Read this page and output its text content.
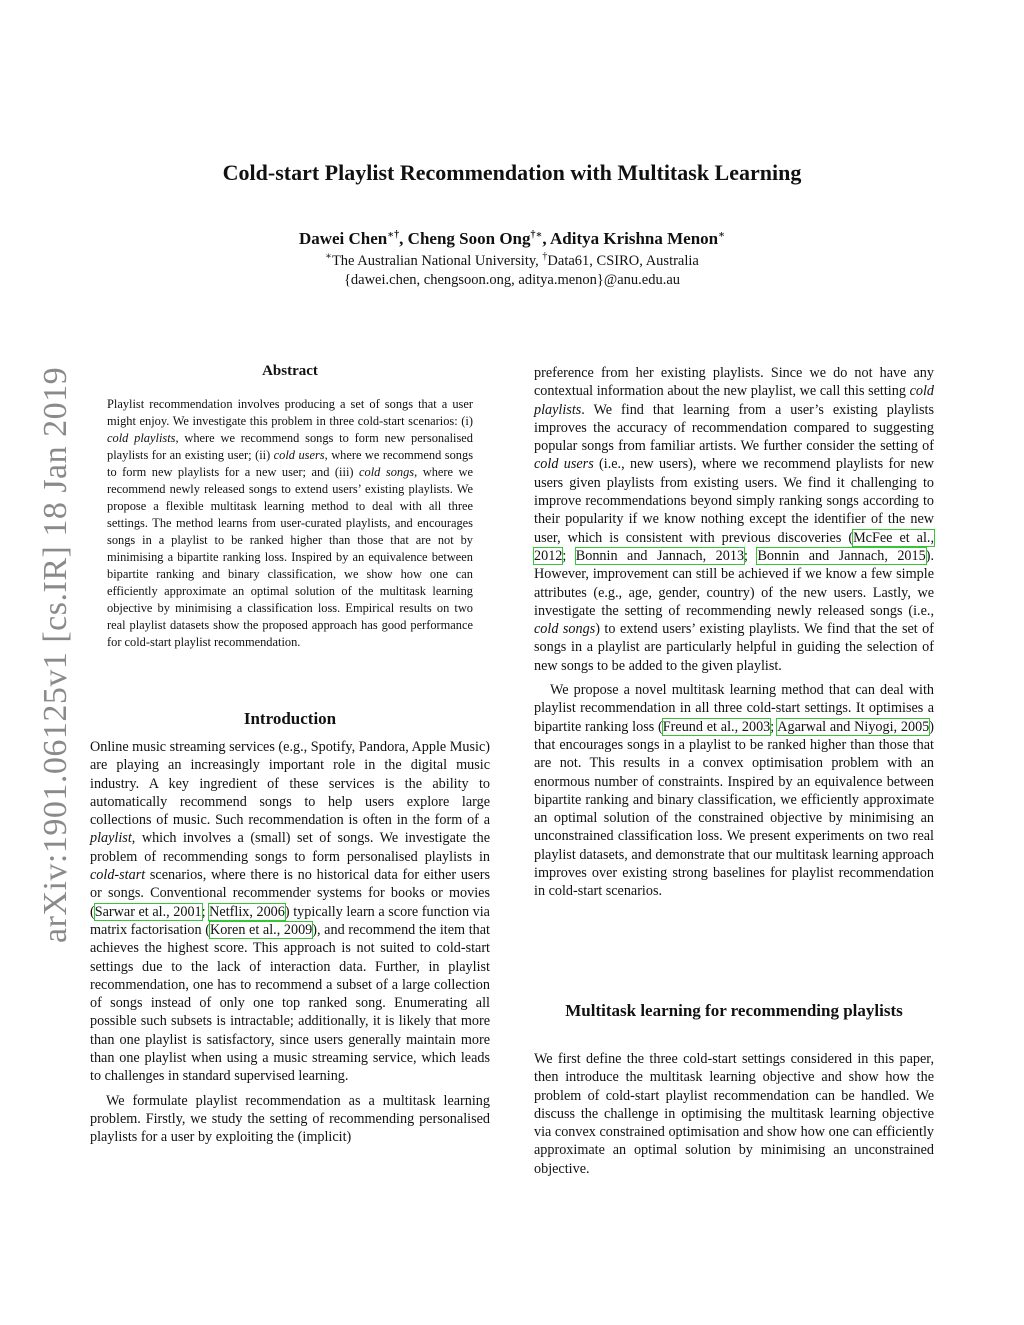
arXiv:1901.06125v1 [cs.IR] 18 Jan 2019
Cold-start Playlist Recommendation with Multitask Learning
Dawei Chen∗†, Cheng Soon Ong†∗, Aditya Krishna Menon∗
∗The Australian National University, †Data61, CSIRO, Australia
{dawei.chen, chengsoon.ong, aditya.menon}@anu.edu.au
Abstract
Playlist recommendation involves producing a set of songs that a user might enjoy. We investigate this problem in three cold-start scenarios: (i) cold playlists, where we recommend songs to form new personalised playlists for an existing user; (ii) cold users, where we recommend songs to form new playlists for a new user; and (iii) cold songs, where we recommend newly released songs to extend users’ existing playlists. We propose a flexible multitask learning method to deal with all three settings. The method learns from user-curated playlists, and encourages songs in a playlist to be ranked higher than those that are not by minimising a bipartite ranking loss. Inspired by an equivalence between bipartite ranking and binary classification, we show how one can efficiently approximate an optimal solution of the multitask learning objective by minimising a classification loss. Empirical results on two real playlist datasets show the proposed approach has good performance for cold-start playlist recommendation.
Introduction

Online music streaming services (e.g., Spotify, Pandora, Apple Music) are playing an increasingly important role in the digital music industry. A key ingredient of these services is the ability to automatically recommend songs to help users explore large collections of music. Such recommendation is often in the form of a playlist, which involves a (small) set of songs. We investigate the problem of recommending songs to form personalised playlists in cold-start scenarios, where there is no historical data for either users or songs. Conventional recommender systems for books or movies (Sarwar et al., 2001; Netflix, 2006) typically learn a score function via matrix factorisation (Koren et al., 2009), and recommend the item that achieves the highest score. This approach is not suited to cold-start settings due to the lack of interaction data. Further, in playlist recommendation, one has to recommend a subset of a large collection of songs instead of only one top ranked song. Enumerating all possible such subsets is intractable; additionally, it is likely that more than one playlist is satisfactory, since users generally maintain more than one playlist when using a music streaming service, which leads to challenges in standard supervised learning.

We formulate playlist recommendation as a multitask learning problem. Firstly, we study the setting of recommending personalised playlists for a user by exploiting the (implicit)

preference from her existing playlists. Since we do not have any contextual information about the new playlist, we call this setting cold playlists. We find that learning from a user’s existing playlists improves the accuracy of recommendation compared to suggesting popular songs from familiar artists. We further consider the setting of cold users (i.e., new users), where we recommend playlists for new users given playlists from existing users. We find it challenging to improve recommendations beyond simply ranking songs according to their popularity if we know nothing except the identifier of the new user, which is consistent with previous discoveries (McFee et al., 2012; Bonnin and Jannach, 2013; Bonnin and Jannach, 2015). However, improvement can still be achieved if we know a few simple attributes (e.g., age, gender, country) of the new users. Lastly, we investigate the setting of recommending newly released songs (i.e., cold songs) to extend users’ existing playlists. We find that the set of songs in a playlist are particularly helpful in guiding the selection of new songs to be added to the given playlist.

We propose a novel multitask learning method that can deal with playlist recommendation in all three cold-start settings. It optimises a bipartite ranking loss (Freund et al., 2003; Agarwal and Niyogi, 2005) that encourages songs in a playlist to be ranked higher than those that are not. This results in a convex optimisation problem with an enormous number of constraints. Inspired by an equivalence between bipartite ranking and binary classification, we efficiently approximate an optimal solution of the constrained objective by minimising an unconstrained classification loss. We present experiments on two real playlist datasets, and demonstrate that our multitask learning approach improves over existing strong baselines for playlist recommendation in cold-start scenarios.

Multitask learning for recommending playlists

We first define the three cold-start settings considered in this paper, then introduce the multitask learning objective and show how the problem of cold-start playlist recommendation can be handled. We discuss the challenge in optimising the multitask learning objective via convex constrained optimisation and show how one can efficiently approximate an optimal solution by minimising an unconstrained objective.
